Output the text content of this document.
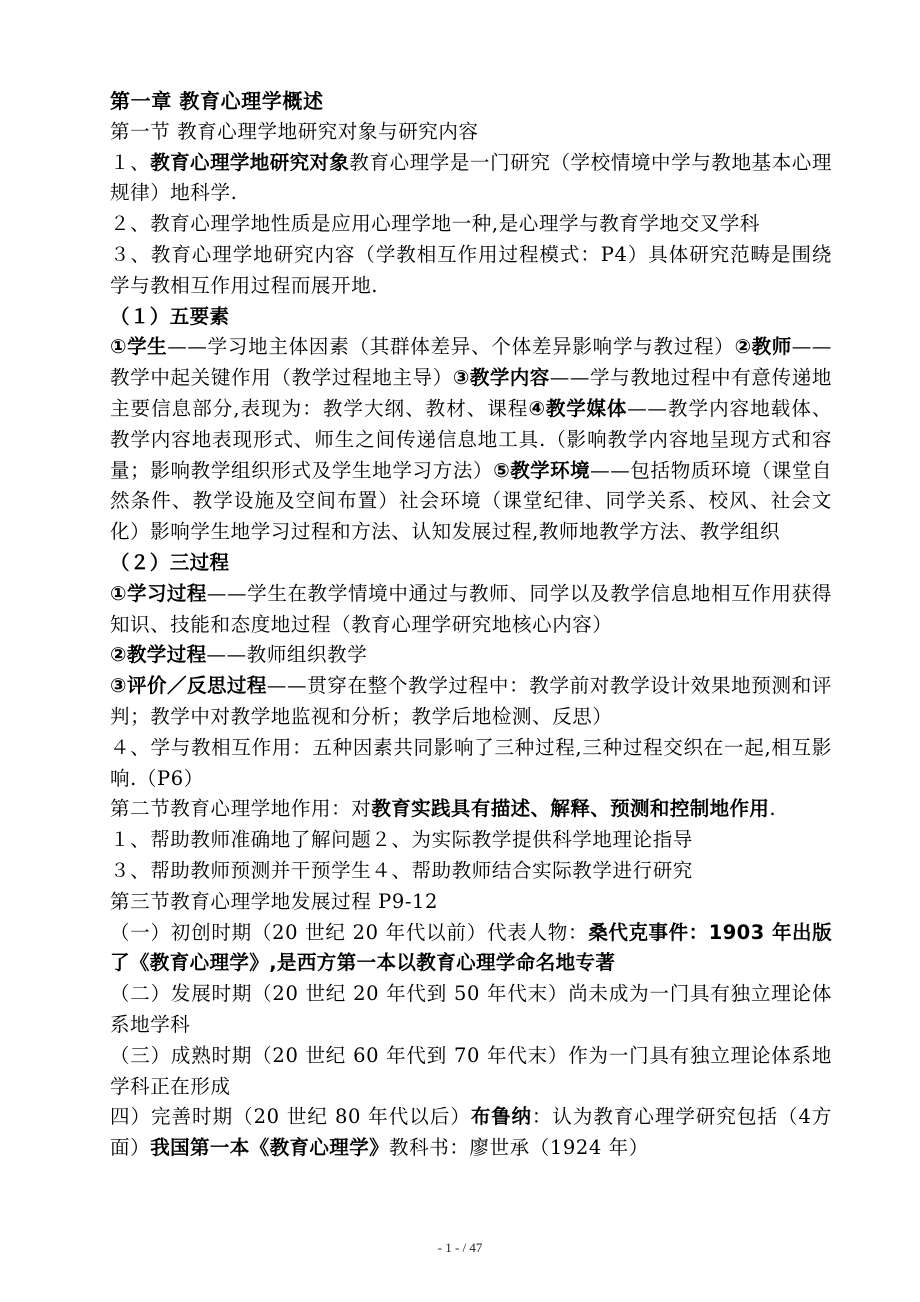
第一章 教育心理学概述

第一节 教育心理学地研究对象与研究内容

１、教育心理学地研究对象教育心理学是一门研究（学校情境中学与教地基本心理规律）地科学.

２、教育心理学地性质是应用心理学地一种,是心理学与教育学地交叉学科

３、教育心理学地研究内容（学教相互作用过程模式：P4）具体研究范畴是围绕学与教相互作用过程而展开地.

（１）五要素

①学生——学习地主体因素（其群体差异、个体差异影响学与教过程）②教师——教学中起关键作用（教学过程地主导）③教学内容——学与教地过程中有意传递地主要信息部分,表现为：教学大纲、教材、课程④教学媒体——教学内容地载体、教学内容地表现形式、师生之间传递信息地工具.（影响教学内容地呈现方式和容量；影响教学组织形式及学生地学习方法）⑤教学环境——包括物质环境（课堂自然条件、教学设施及空间布置）社会环境（课堂纪律、同学关系、校风、社会文化）影响学生地学习过程和方法、认知发展过程,教师地教学方法、教学组织

（２）三过程

①学习过程——学生在教学情境中通过与教师、同学以及教学信息地相互作用获得知识、技能和态度地过程（教育心理学研究地核心内容）

②教学过程——教师组织教学

③评价／反思过程——贯穿在整个教学过程中：教学前对教学设计效果地预测和评判；教学中对教学地监视和分析；教学后地检测、反思）

４、学与教相互作用：五种因素共同影响了三种过程,三种过程交织在一起,相互影响.（P6）

第二节教育心理学地作用：对教育实践具有描述、解释、预测和控制地作用.

１、帮助教师准确地了解问题２、为实际教学提供科学地理论指导

３、帮助教师预测并干预学生４、帮助教师结合实际教学进行研究

第三节教育心理学地发展过程 P9-12

（一）初创时期（20 世纪 20 年代以前）代表人物：桑代克事件：1903 年出版了《教育心理学》,是西方第一本以教育心理学命名地专著

（二）发展时期（20 世纪 20 年代到 50 年代末）尚未成为一门具有独立理论体系地学科

（三）成熟时期（20 世纪 60 年代到 70 年代末）作为一门具有独立理论体系地学科正在形成

四）完善时期（20 世纪 80 年代以后）布鲁纳：认为教育心理学研究包括（4方面）我国第一本《教育心理学》教科书：廖世承（1924 年）

- 1 - / 47
